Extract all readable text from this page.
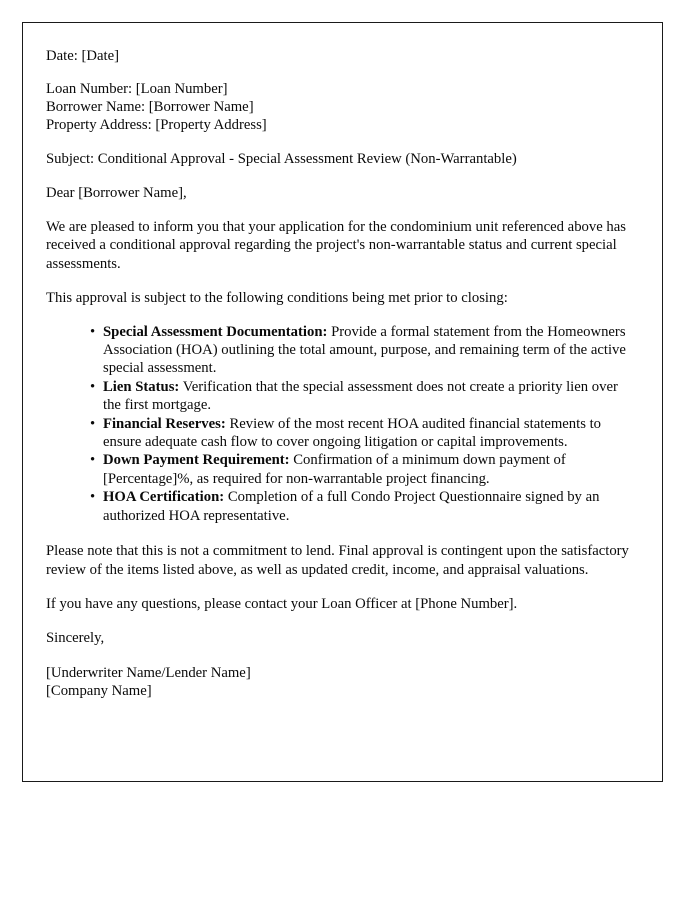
Date: [Date]
Loan Number: [Loan Number]
Borrower Name: [Borrower Name]
Property Address: [Property Address]
Subject: Conditional Approval - Special Assessment Review (Non-Warrantable)
Dear [Borrower Name],

We are pleased to inform you that your application for the condominium unit referenced above has received a conditional approval regarding the project's non-warrantable status and current special assessments.

This approval is subject to the following conditions being met prior to closing:

• Special Assessment Documentation: Provide a formal statement from the Homeowners Association (HOA) outlining the total amount, purpose, and remaining term of the active special assessment.
• Lien Status: Verification that the special assessment does not create a priority lien over the first mortgage.
• Financial Reserves: Review of the most recent HOA audited financial statements to ensure adequate cash flow to cover ongoing litigation or capital improvements.
• Down Payment Requirement: Confirmation of a minimum down payment of [Percentage]%, as required for non-warrantable project financing.
• HOA Certification: Completion of a full Condo Project Questionnaire signed by an authorized HOA representative.

Please note that this is not a commitment to lend. Final approval is contingent upon the satisfactory review of the items listed above, as well as updated credit, income, and appraisal valuations.

If you have any questions, please contact your Loan Officer at [Phone Number].

Sincerely,
[Underwriter Name/Lender Name]
[Company Name]
